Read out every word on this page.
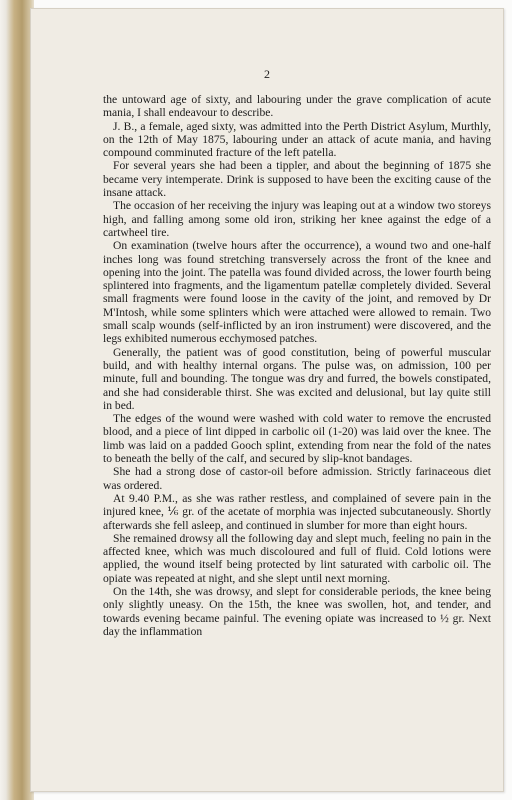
2

the untoward age of sixty, and labouring under the grave complication of acute mania, I shall endeavour to describe.

J. B., a female, aged sixty, was admitted into the Perth District Asylum, Murthly, on the 12th of May 1875, labouring under an attack of acute mania, and having compound comminuted fracture of the left patella.

For several years she had been a tippler, and about the beginning of 1875 she became very intemperate. Drink is supposed to have been the exciting cause of the insane attack.

The occasion of her receiving the injury was leaping out at a window two storeys high, and falling among some old iron, striking her knee against the edge of a cartwheel tire.

On examination (twelve hours after the occurrence), a wound two and one-half inches long was found stretching transversely across the front of the knee and opening into the joint. The patella was found divided across, the lower fourth being splintered into fragments, and the ligamentum patellæ completely divided. Several small fragments were found loose in the cavity of the joint, and removed by Dr M'Intosh, while some splinters which were attached were allowed to remain. Two small scalp wounds (self-inflicted by an iron instrument) were discovered, and the legs exhibited numerous ecchymosed patches.

Generally, the patient was of good constitution, being of powerful muscular build, and with healthy internal organs. The pulse was, on admission, 100 per minute, full and bounding. The tongue was dry and furred, the bowels constipated, and she had considerable thirst. She was excited and delusional, but lay quite still in bed.

The edges of the wound were washed with cold water to remove the encrusted blood, and a piece of lint dipped in carbolic oil (1-20) was laid over the knee. The limb was laid on a padded Gooch splint, extending from near the fold of the nates to beneath the belly of the calf, and secured by slip-knot bandages.

She had a strong dose of castor-oil before admission. Strictly farinaceous diet was ordered.

At 9.40 P.M., as she was rather restless, and complained of severe pain in the injured knee, ⅙ gr. of the acetate of morphia was injected subcutaneously. Shortly afterwards she fell asleep, and continued in slumber for more than eight hours.

She remained drowsy all the following day and slept much, feeling no pain in the affected knee, which was much discoloured and full of fluid. Cold lotions were applied, the wound itself being protected by lint saturated with carbolic oil. The opiate was repeated at night, and she slept until next morning.

On the 14th, she was drowsy, and slept for considerable periods, the knee being only slightly uneasy. On the 15th, the knee was swollen, hot, and tender, and towards evening became painful. The evening opiate was increased to ½ gr. Next day the inflammation
